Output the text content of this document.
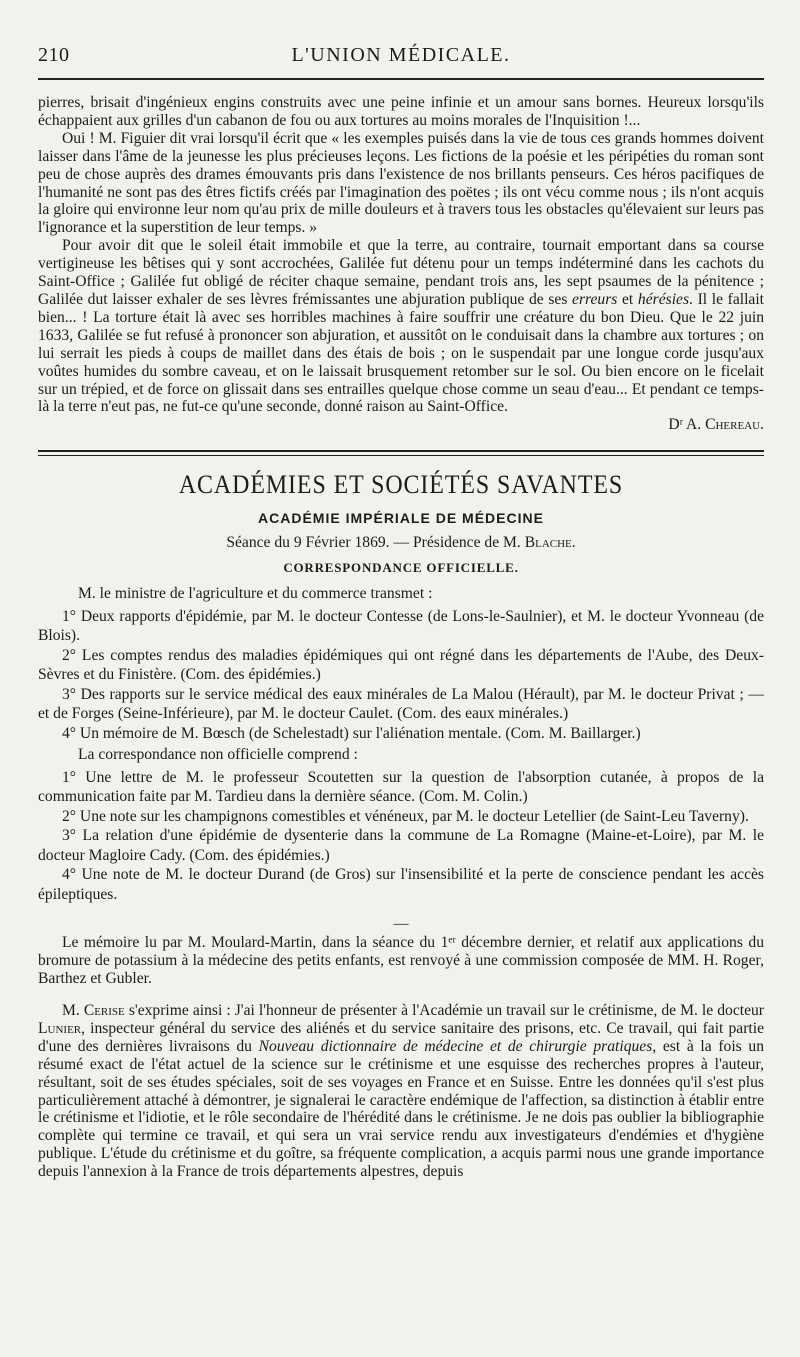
210	L'UNION MÉDICALE.

pierres, brisait d'ingénieux engins construits avec une peine infinie et un amour sans bornes. Heureux lorsqu'ils échappaient aux grilles d'un cabanon de fou ou aux tortures au moins morales de l'Inquisition !...

Oui ! M. Figuier dit vrai lorsqu'il écrit que « les exemples puisés dans la vie de tous ces grands hommes doivent laisser dans l'âme de la jeunesse les plus précieuses leçons. Les fictions de la poésie et les péripéties du roman sont peu de chose auprès des drames émouvants pris dans l'existence de nos brillants penseurs. Ces héros pacifiques de l'humanité ne sont pas des êtres fictifs créés par l'imagination des poëtes ; ils ont vécu comme nous ; ils n'ont acquis la gloire qui environne leur nom qu'au prix de mille douleurs et à travers tous les obstacles qu'élevaient sur leurs pas l'ignorance et la superstition de leur temps. »

Pour avoir dit que le soleil était immobile et que la terre, au contraire, tournait emportant dans sa course vertigineuse les bêtises qui y sont accrochées, Galilée fut détenu pour un temps indéterminé dans les cachots du Saint-Office ; Galilée fut obligé de réciter chaque semaine, pendant trois ans, les sept psaumes de la pénitence ; Galilée dut laisser exhaler de ses lèvres frémissantes une abjuration publique de ses erreurs et hérésies. Il le fallait bien... ! La torture était là avec ses horribles machines à faire souffrir une créature du bon Dieu. Que le 22 juin 1633, Galilée se fut refusé à prononcer son abjuration, et aussitôt on le conduisait dans la chambre aux tortures ; on lui serrait les pieds à coups de maillet dans des étais de bois ; on le suspendait par une longue corde jusqu'aux voûtes humides du sombre caveau, et on le laissait brusquement retomber sur le sol. Ou bien encore on le ficelait sur un trépied, et de force on glissait dans ses entrailles quelque chose comme un seau d'eau... Et pendant ce temps-là la terre n'eut pas, ne fut-ce qu'une seconde, donné raison au Saint-Office.

Dʳ A. Chereau.
ACADÉMIES ET SOCIÉTÉS SAVANTES
ACADÉMIE IMPÉRIALE DE MÉDECINE
Séance du 9 Février 1869. — Présidence de M. Blache.
CORRESPONDANCE OFFICIELLE.

M. le ministre de l'agriculture et du commerce transmet :

1° Deux rapports d'épidémie, par M. le docteur Contesse (de Lons-le-Saulnier), et M. le docteur Yvonneau (de Blois).

2° Les comptes rendus des maladies épidémiques qui ont régné dans les départements de l'Aube, des Deux-Sèvres et du Finistère. (Com. des épidémies.)

3° Des rapports sur le service médical des eaux minérales de La Malou (Hérault), par M. le docteur Privat ; — et de Forges (Seine-Inférieure), par M. le docteur Caulet. (Com. des eaux minérales.)

4° Un mémoire de M. Bœsch (de Schelestadt) sur l'aliénation mentale. (Com. M. Baillarger.)

La correspondance non officielle comprend :

1° Une lettre de M. le professeur Scoutetten sur la question de l'absorption cutanée, à propos de la communication faite par M. Tardieu dans la dernière séance. (Com. M. Colin.)

2° Une note sur les champignons comestibles et vénéneux, par M. le docteur Letellier (de Saint-Leu Taverny).

3° La relation d'une épidémie de dysenterie dans la commune de La Romagne (Maine-et-Loire), par M. le docteur Magloire Cady. (Com. des épidémies.)

4° Une note de M. le docteur Durand (de Gros) sur l'insensibilité et la perte de conscience pendant les accès épileptiques.

—

Le mémoire lu par M. Moulard-Martin, dans la séance du 1ᵉʳ décembre dernier, et relatif aux applications du bromure de potassium à la médecine des petits enfants, est renvoyé à une commission composée de MM. H. Roger, Barthez et Gubler.

M. Cerise s'exprime ainsi : J'ai l'honneur de présenter à l'Académie un travail sur le crétinisme, de M. le docteur Lunier, inspecteur général du service des aliénés et du service sanitaire des prisons, etc. Ce travail, qui fait partie d'une des dernières livraisons du Nouveau dictionnaire de médecine et de chirurgie pratiques, est à la fois un résumé exact de l'état actuel de la science sur le crétinisme et une esquisse des recherches propres à l'auteur, résultant, soit de ses études spéciales, soit de ses voyages en France et en Suisse. Entre les données qu'il s'est plus particulièrement attaché à démontrer, je signalerai le caractère endémique de l'affection, sa distinction à établir entre le crétinisme et l'idiotie, et le rôle secondaire de l'hérédité dans le crétinisme. Je ne dois pas oublier la bibliographie complète qui termine ce travail, et qui sera un vrai service rendu aux investigateurs d'endémies et d'hygiène publique. L'étude du crétinisme et du goître, sa fréquente complication, a acquis parmi nous une grande importance depuis l'annexion à la France de trois départements alpestres, depuis
